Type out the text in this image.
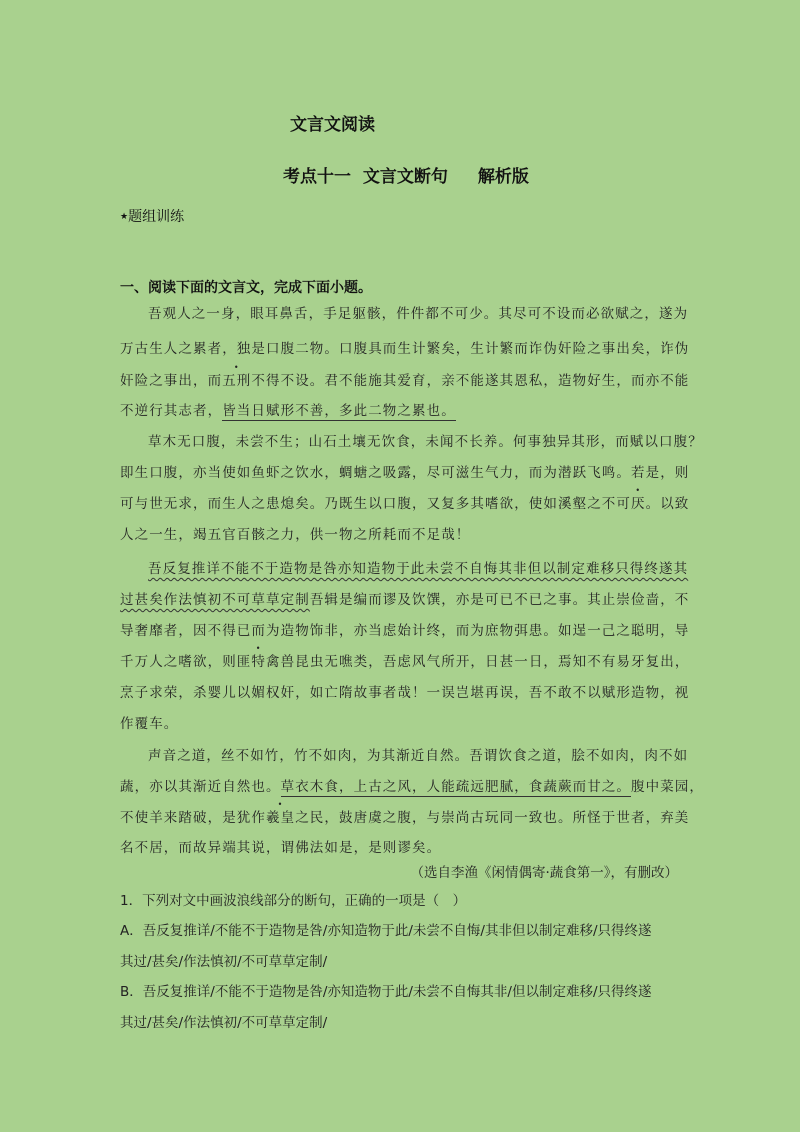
文言文阅读
考点十一  文言文断句 解析版
★题组训练
一、阅读下面的文言文，完成下面小题。
吾观人之一身，眼耳鼻舌，手足躯骸，件件都不可少。其尽可不设而必欲赋之，遂为
万古生人之累者，独是口腹二物。口腹具而生计繁矣，生计繁而诈伪奸险之事出矣，诈伪
奸险之事出，而五刑不得不设。君不能施其爱育，亲不能遂其恩私，造物好生，而亦不能
不逆行其志者，皆当日赋形不善，多此二物之累也。
草木无口腹，未尝不生；山石土壤无饮食，未闻不长养。何事独异其形，而赋以口腹？
即生口腹，亦当使如鱼虾之饮水，蜩螗之吸露，尽可滋生气力，而为潜跃飞鸣。若是，则
可与世无求，而生人之患熄矣。乃既生以口腹，又复多其嗜欲，使如溪壑之不可厌。以致
人之一生，竭五官百骸之力，供一物之所耗而不足哉！
吾反复推详不能不于造物是咎亦知造物于此未尝不自悔其非但以制定难移只得终遂其
过甚矣作法慎初不可草草定制吾辑是编而谬及饮馔，亦是可已不已之事。其止崇俭啬，不
导奢靡者，因不得已而为造物饰非，亦当虑始计终，而为庶物弭患。如逞一己之聪明，导
千万人之嗜欲，则匪特禽兽昆虫无噍类，吾虑风气所开，日甚一日，焉知不有易牙复出，
烹子求荣，杀婴儿以媚权奸，如亡隋故事者哉！一误岂堪再误，吾不敢不以赋形造物，视
作覆车。
声音之道，丝不如竹，竹不如肉，为其渐近自然。吾谓饮食之道，脍不如肉，肉不如
蔬，亦以其渐近自然也。草衣木食，上古之风，人能疏远肥腻，食蔬蕨而甘之。腹中菜园，
不使羊来踏破，是犹作羲皇之民，鼓唐虞之腹，与崇尚古玩同一致也。所怪于世者，弃美
名不居，而故异端其说，谓佛法如是，是则谬矣。
（选自李渔《闲情偶寄·蔬食第一》，有删改）
1．下列对文中画波浪线部分的断句，正确的一项是（　）
A．吾反复推详/不能不于造物是咎/亦知造物于此/未尝不自悔/其非但以制定难移/只得终遂
其过/甚矣/作法慎初/不可草草定制/
B．吾反复推详/不能不于造物是咎/亦知造物于此/未尝不自悔其非/但以制定难移/只得终遂
其过/甚矣/作法慎初/不可草草定制/
